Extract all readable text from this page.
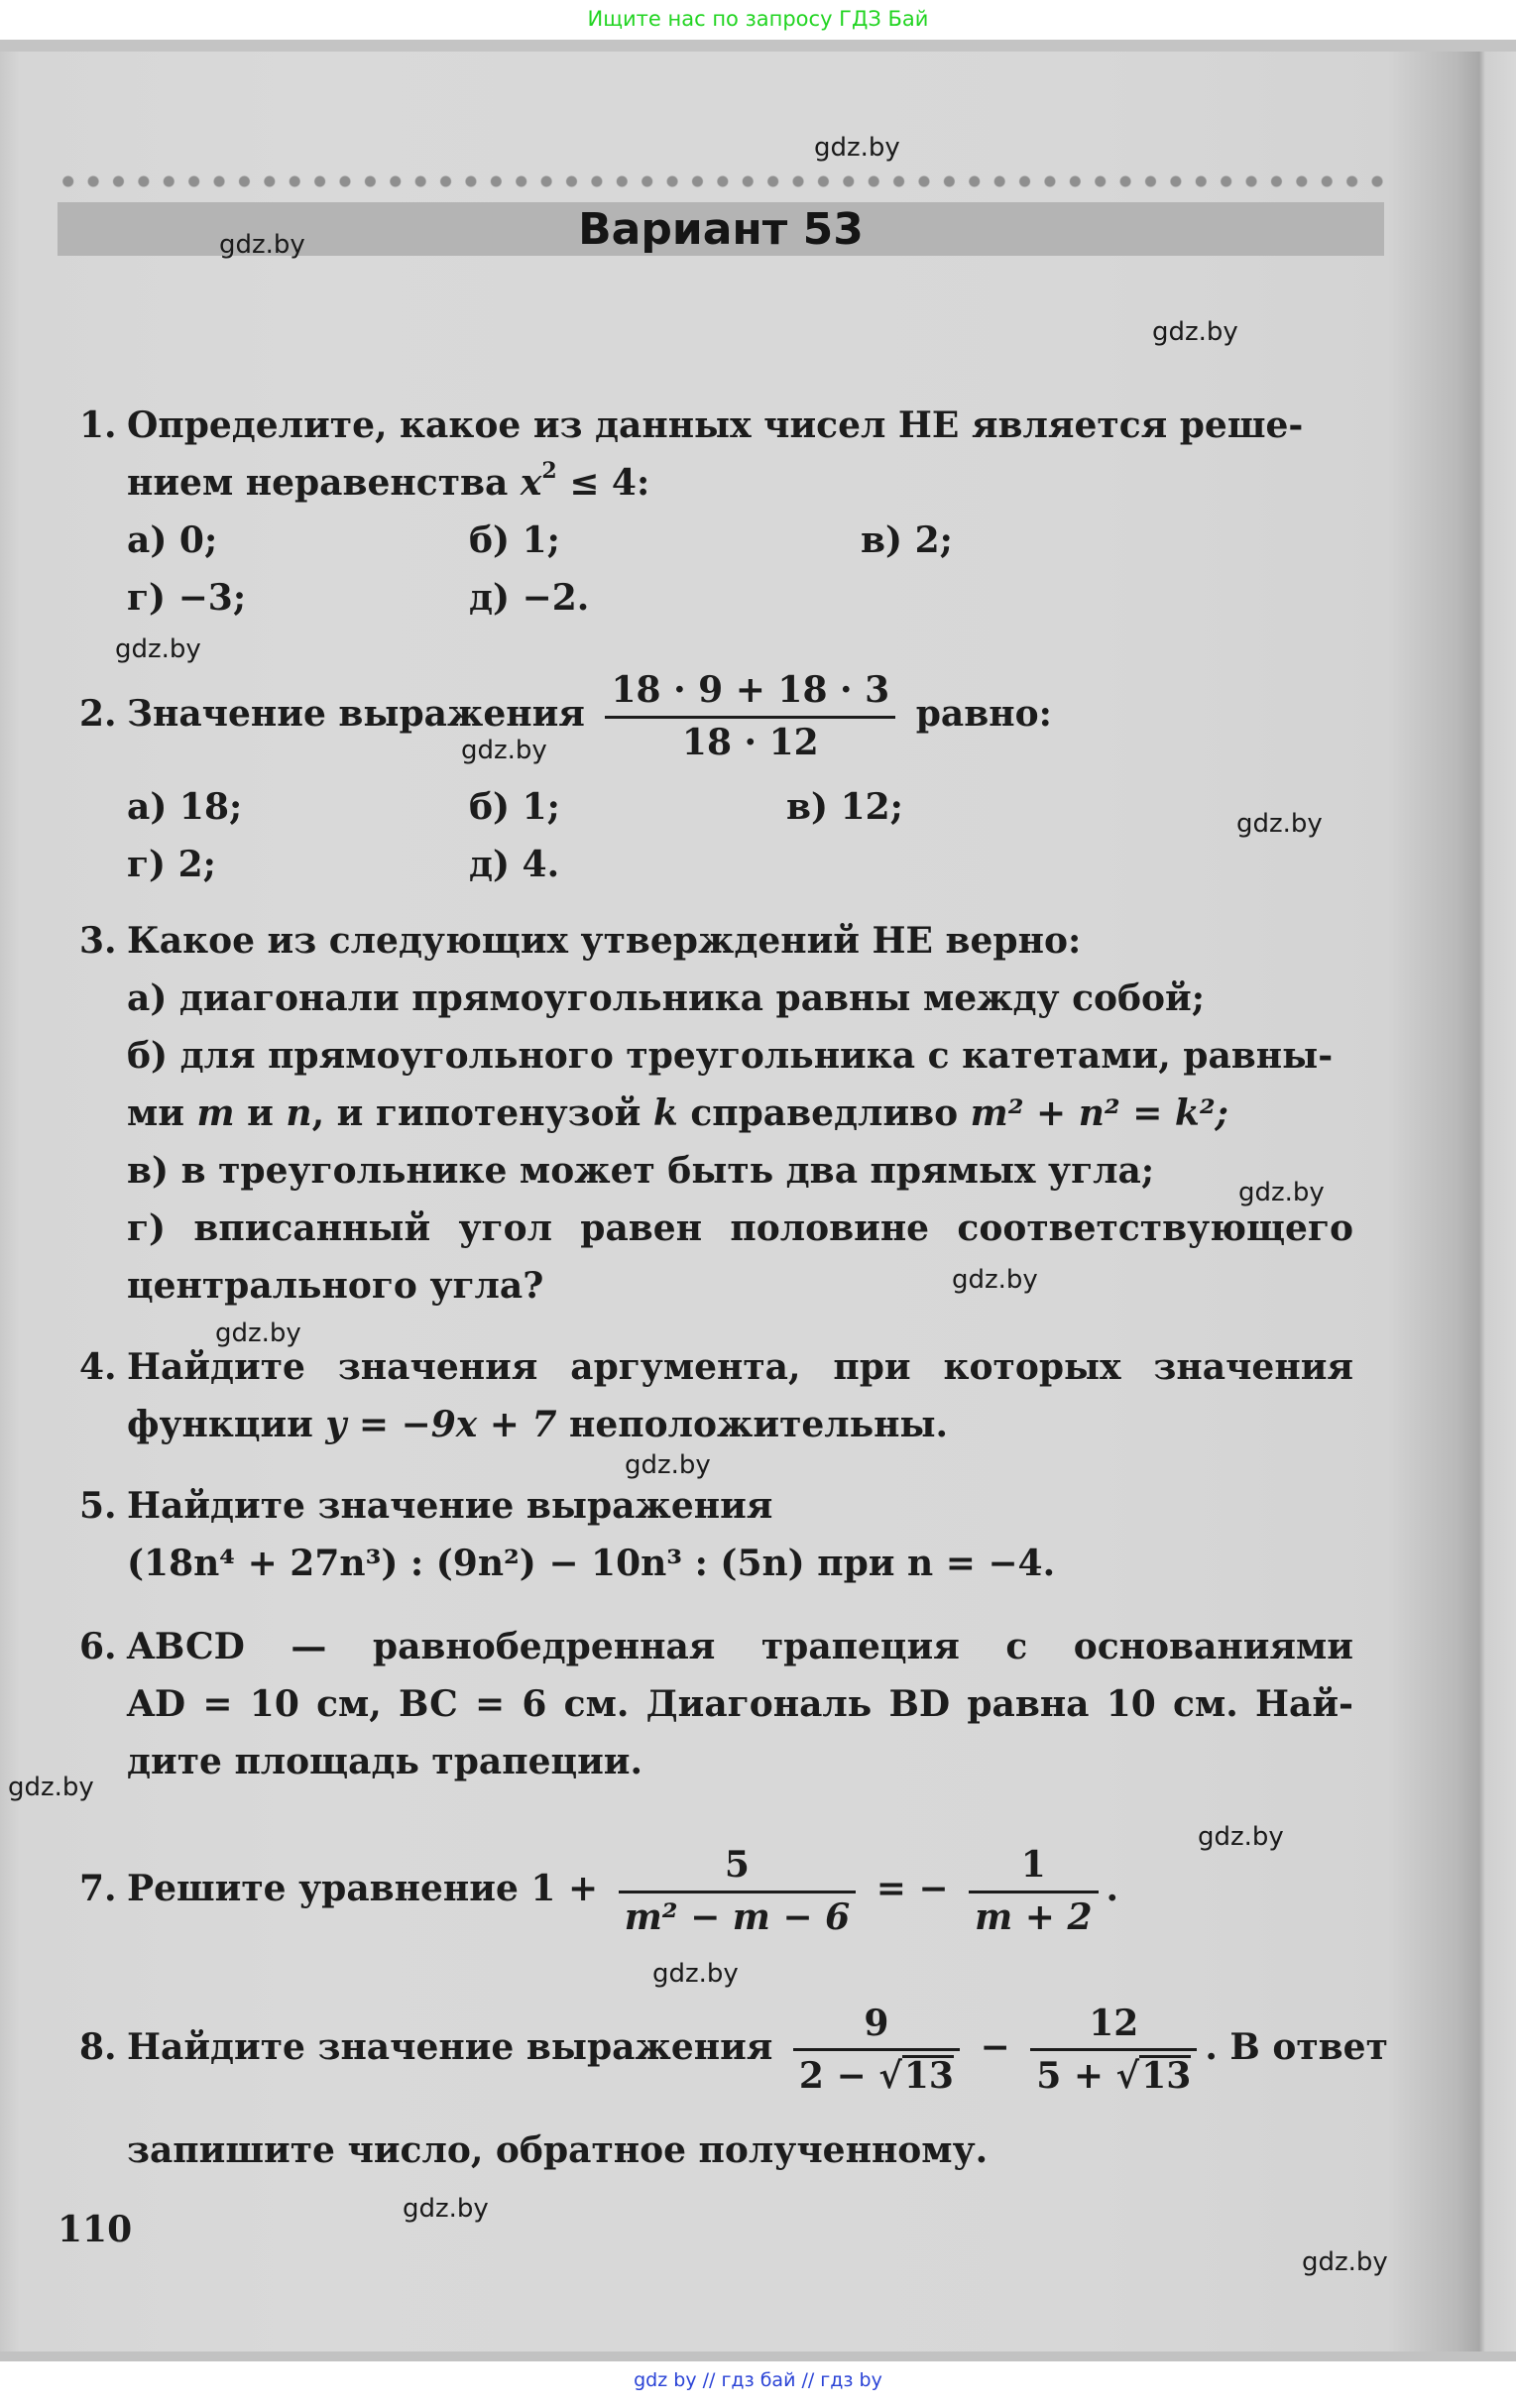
Ищите нас по запросу ГДЗ Бай
Вариант 53
1. Определите, какое из данных чисел НЕ является реше-
нием неравенства $x^2 \le 4$:
а) 0;	б) 1;	в) 2;
г) −3;	д) −2.
2. Значение выражения $\frac{18 \cdot 9 + 18 \cdot 3}{18 \cdot 12}$ равно:
а) 18;	б) 1;	в) 12;
г) 2;	д) 4.
3. Какое из следующих утверждений НЕ верно:
а) диагонали прямоугольника равны между собой;
б) для прямоугольного треугольника с катетами, равны-
ми m и n, и гипотенузой k справедливо m² + n² = k²;
в) в треугольнике может быть два прямых угла;
г) вписанный угол равен половине соответствующего
центрального угла?
4. Найдите значения аргумента, при которых значения
функции y = −9x + 7 неположительны.
5. Найдите значение выражения
(18n⁴ + 27n³) : (9n²) − 10n³ : (5n) при n = −4.
6. ABCD — равнобедренная трапеция с основаниями
AD = 10 см, BC = 6 см. Диагональ BD равна 10 см. Най-
дите площадь трапеции.
7. Решите уравнение $1 + \frac{5}{\text{m² − m − 6}}$ = − $\frac{1}{m + 2}$ .
8. Найдите значение выражения $\frac{9}{2 - √13} - \frac{12}{5 + √13}$ . В ответ
запишите число, обратное полученному.
110
gdz.by
gdz.by
gdz.by
gdz.by
gdz.by
gdz.by
gdz.by
gdz.by
gdz.by
gdz.by
gdz.by
gdz.by
gdz.by
gdz.by
gdz.by
gdz by // гдз бай // гдз by
